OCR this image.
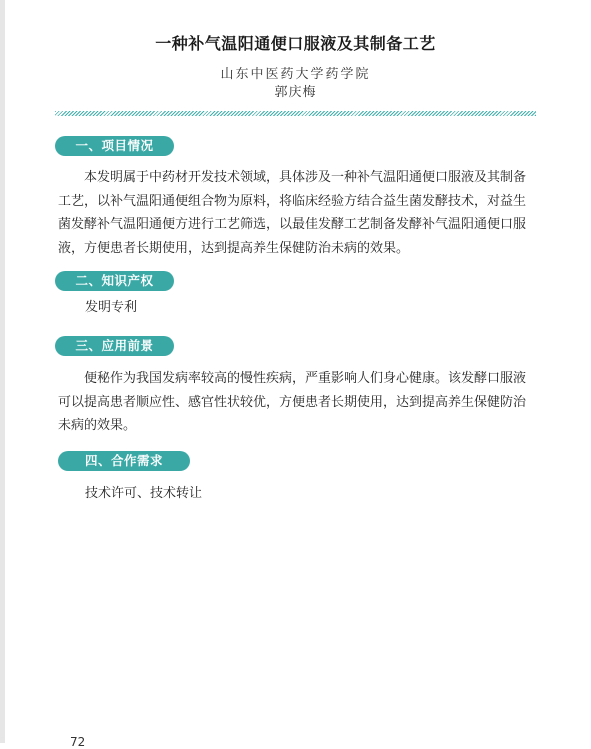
一种补气温阳通便口服液及其制备工艺
山东中医药大学药学院
郭庆梅
一、项目情况

本发明属于中药材开发技术领域，具体涉及一种补气温阳通便口服液及其制备工艺，以补气温阳通便组合物为原料，将临床经验方结合益生菌发酵技术，对益生菌发酵补气温阳通便方进行工艺筛选，以最佳发酵工艺制备发酵补气温阳通便口服液，方便患者长期使用，达到提高养生保健防治未病的效果。

二、知识产权
发明专利
三、应用前景

便秘作为我国发病率较高的慢性疾病，严重影响人们身心健康。该发酵口服液可以提高患者顺应性、感官性状较优，方便患者长期使用，达到提高养生保健防治未病的效果。

四、合作需求
技术许可、技术转让
72
